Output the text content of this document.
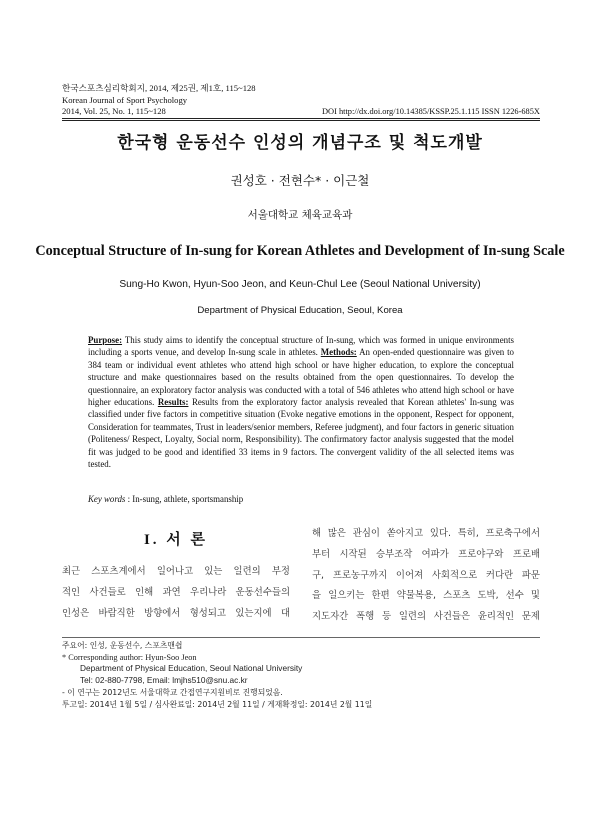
한국스포츠심리학회지, 2014, 제25권, 제1호, 115~128
Korean Journal of Sport Psychology
2014, Vol. 25, No. 1, 115~128	DOI http://dx.doi.org/10.14385/KSSP.25.1.115 ISSN 1226-685X
한국형 운동선수 인성의 개념구조 및 척도개발
권성호 · 전현수* · 이근철
서울대학교 체육교육과
Conceptual Structure of In-sung for Korean Athletes and Development of In-sung Scale
Sung-Ho Kwon, Hyun-Soo Jeon, and Keun-Chul Lee (Seoul National University)
Department of Physical Education, Seoul, Korea
Purpose: This study aims to identify the conceptual structure of In-sung, which was formed in unique environments including a sports venue, and develop In-sung scale in athletes. Methods: An open-ended questionnaire was given to 384 team or individual event athletes who attend high school or have higher education, to explore the conceptual structure and make questionnaires based on the results obtained from the open questionnaires. To develop the questionnaire, an exploratory factor analysis was conducted with a total of 546 athletes who attend high school or have higher educations. Results: Results from the exploratory factor analysis revealed that Korean athletes' In-sung was classified under five factors in competitive situation (Evoke negative emotions in the opponent, Respect for opponent, Consideration for teammates, Trust in leaders/senior members, Referee judgment), and four factors in generic situation (Politeness/ Respect, Loyalty, Social norm, Responsibility). The confirmatory factor analysis suggested that the model fit was judged to be good and identified 33 items in 9 factors. The convergent validity of the all selected items was tested.
Key words : In-sung, athlete, sportsmanship
I. 서 론
최근 스포츠계에서 일어나고 있는 일련의 부정
적인 사건들로 인해 과연 우리나라 운동선수들의
인성은 바람직한 방향에서 형성되고 있는지에 대
해 많은 관심이 쏟아지고 있다. 특히, 프로축구에서
부터 시작된 승부조작 여파가 프로야구와 프로배
구, 프로농구까지 이어져 사회적으로 커다란 파문
을 일으키는 한편 약물복용, 스포츠 도박, 선수 및
지도자간 폭행 등 일련의 사건들은 윤리적인 문제
주요어: 인성, 운동선수, 스포츠맨쉽
* Corresponding author: Hyun-Soo Jeon
Department of Physical Education, Seoul National University
Tel: 02-880-7798, Email: lmjhs510@snu.ac.kr
- 이 연구는 2012년도 서울대학교 간접연구지원비로 진행되었음.
투고일: 2014년 1월 5일 / 심사완료일: 2014년 2월 11일 / 게재확정일: 2014년 2월 11일
